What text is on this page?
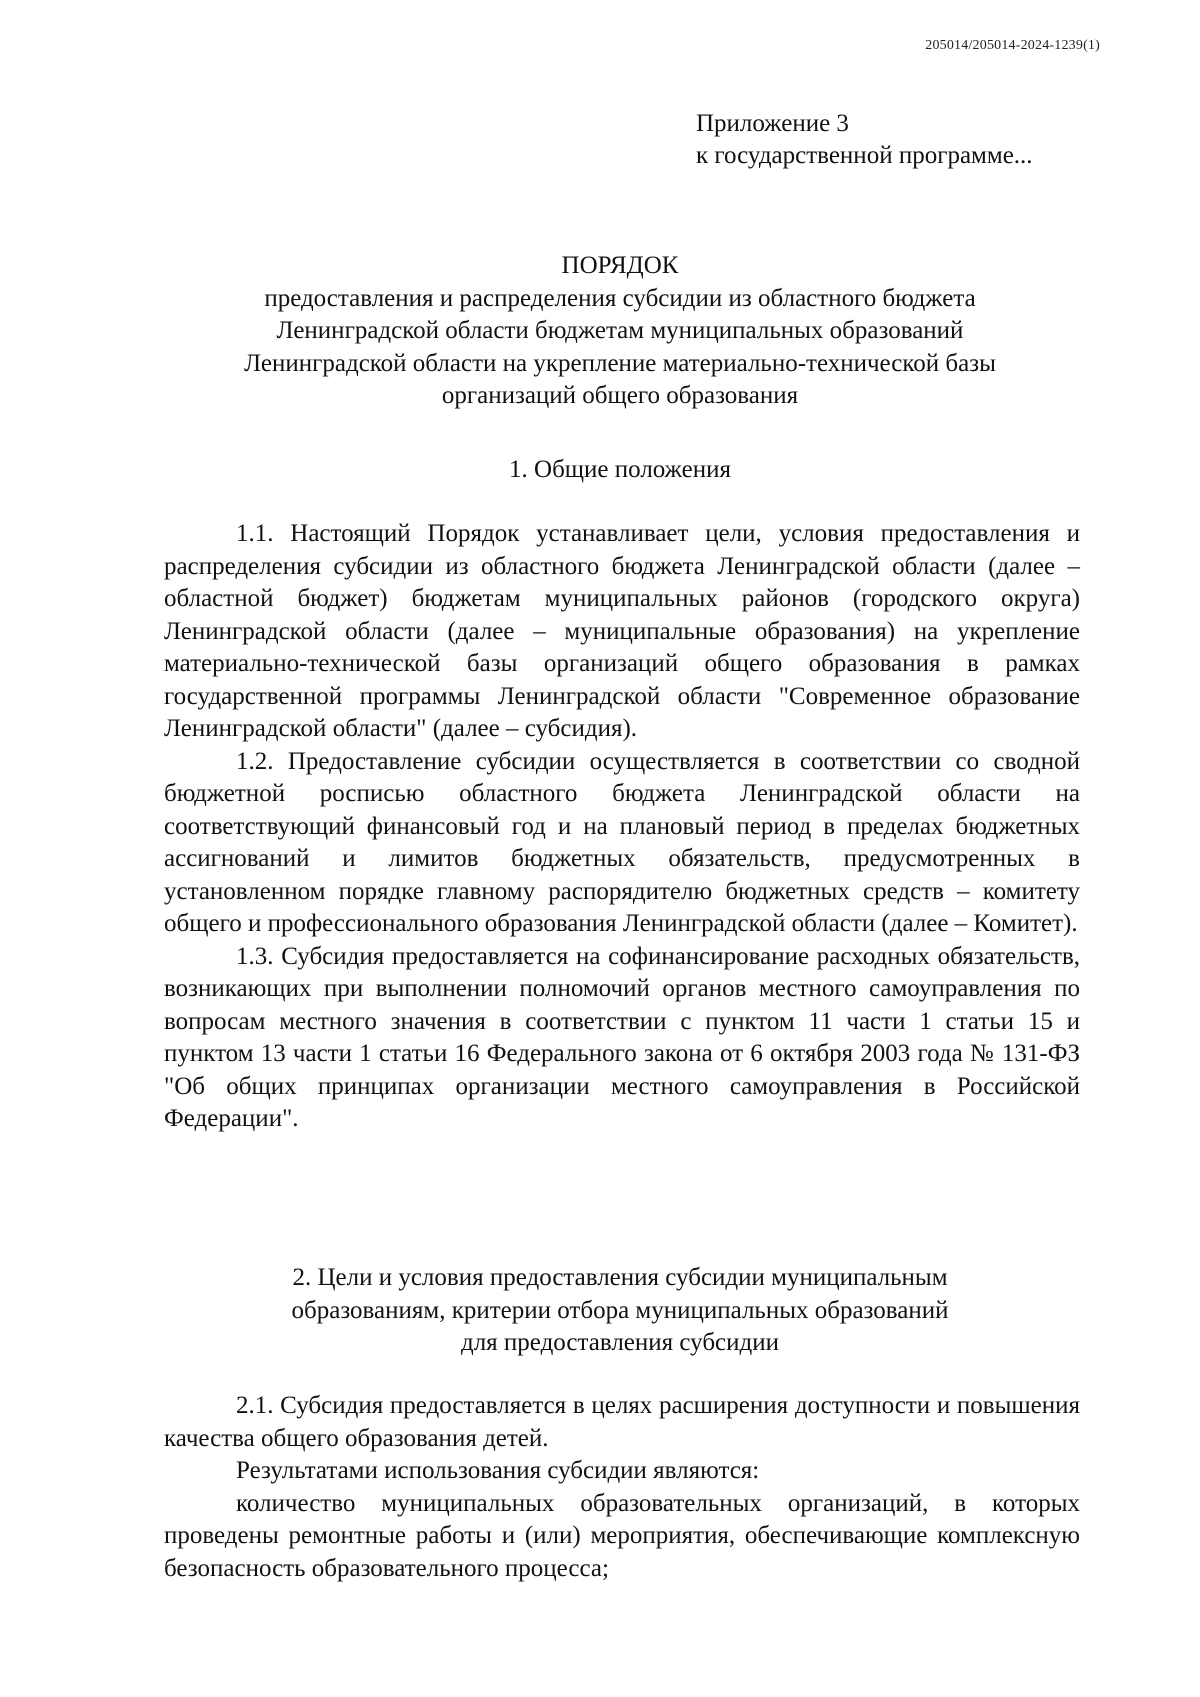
205014/205014-2024-1239(1)
Приложение 3
к государственной программе...
ПОРЯДОК
предоставления и распределения субсидии из областного бюджета
Ленинградской области бюджетам муниципальных образований
Ленинградской области на укрепление материально-технической базы
организаций общего образования
1. Общие положения

1.1. Настоящий Порядок устанавливает цели, условия предоставления и распределения субсидии из областного бюджета Ленинградской области (далее – областной бюджет) бюджетам муниципальных районов (городского округа) Ленинградской области (далее – муниципальные образования) на укрепление материально-технической базы организаций общего образования в рамках государственной программы Ленинградской области "Современное образование Ленинградской области" (далее – субсидия).

1.2. Предоставление субсидии осуществляется в соответствии со сводной бюджетной росписью областного бюджета Ленинградской области на соответствующий финансовый год и на плановый период в пределах бюджетных ассигнований и лимитов бюджетных обязательств, предусмотренных в установленном порядке главному распорядителю бюджетных средств – комитету общего и профессионального образования Ленинградской области (далее – Комитет).

1.3. Субсидия предоставляется на софинансирование расходных обязательств, возникающих при выполнении полномочий органов местного самоуправления по вопросам местного значения в соответствии с пунктом 11 части 1 статьи 15 и пунктом 13 части 1 статьи 16 Федерального закона от 6 октября 2003 года № 131-ФЗ "Об общих принципах организации местного самоуправления в Российской Федерации".

2. Цели и условия предоставления субсидии муниципальным
образованиям, критерии отбора муниципальных образований
для предоставления субсидии

2.1. Субсидия предоставляется в целях расширения доступности и повышения качества общего образования детей.

Результатами использования субсидии являются:

количество муниципальных образовательных организаций, в которых проведены ремонтные работы и (или) мероприятия, обеспечивающие комплексную безопасность образовательного процесса;
